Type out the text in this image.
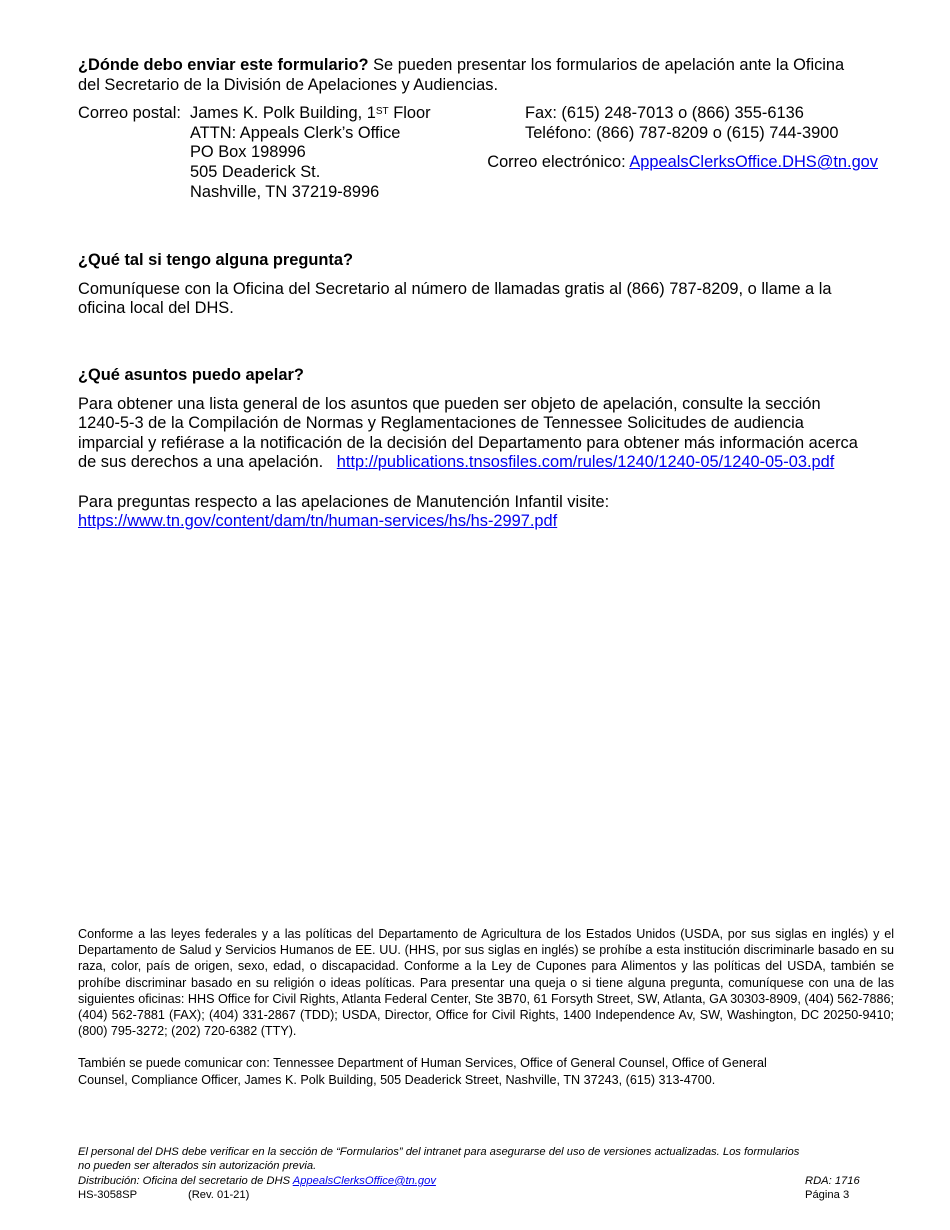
¿Dónde debo enviar este formulario? Se pueden presentar los formularios de apelación ante la Oficina
del Secretario de la División de Apelaciones y Audiencias.

Correo postal: James K. Polk Building, 1ST Floor
ATTN: Appeals Clerk’s Office
PO Box 198996
505 Deaderick St.
Nashville, TN 37219-8996
Fax: (615) 248-7013 o (866) 355-6136
Teléfono: (866) 787-8209 o (615) 744-3900
Correo electrónico: AppealsClerksOffice.DHS@tn.gov

¿Qué tal si tengo alguna pregunta?

Comuníquese con la Oficina del Secretario al número de llamadas gratis al (866) 787-8209, o llame a la
oficina local del DHS.

¿Qué asuntos puedo apelar?

Para obtener una lista general de los asuntos que pueden ser objeto de apelación, consulte la sección
1240-5-3 de la Compilación de Normas y Reglamentaciones de Tennessee Solicitudes de audiencia
imparcial y refiérase a la notificación de la decisión del Departamento para obtener más información acerca
de sus derechos a una apelación. http://publications.tnsosfiles.com/rules/1240/1240-05/1240-05-03.pdf

Para preguntas respecto a las apelaciones de Manutención Infantil visite:
https://www.tn.gov/content/dam/tn/human-services/hs/hs-2997.pdf

Conforme a las leyes federales y a las políticas del Departamento de Agricultura de los Estados Unidos (USDA, por sus siglas en inglés) y el Departamento de Salud y Servicios Humanos de EE. UU. (HHS, por sus siglas en inglés) se prohíbe a esta institución discriminarle basado en su raza, color, país de origen, sexo, edad, o discapacidad. Conforme a la Ley de Cupones para Alimentos y las políticas del USDA, también se prohíbe discriminar basado en su religión o ideas políticas. Para presentar una queja o si tiene alguna pregunta, comuníquese con una de las siguientes oficinas: HHS Office for Civil Rights, Atlanta Federal Center, Ste 3B70, 61 Forsyth Street, SW, Atlanta, GA 30303-8909, (404) 562-7886; (404) 562-7881 (FAX); (404) 331-2867 (TDD); USDA, Director, Office for Civil Rights, 1400 Independence Av, SW, Washington, DC 20250-9410; (800) 795-3272; (202) 720-6382 (TTY).

También se puede comunicar con: Tennessee Department of Human Services, Office of General Counsel, Office of General
Counsel, Compliance Officer, James K. Polk Building, 505 Deaderick Street, Nashville, TN 37243, (615) 313-4700.

El personal del DHS debe verificar en la sección de “Formularios” del intranet para asegurarse del uso de versiones actualizadas. Los formularios
no pueden ser alterados sin autorización previa.
Distribución: Oficina del secretario de DHS AppealsClerksOffice@tn.gov	RDA: 1716
HS-3058SP	(Rev. 01-21)	Página 3
